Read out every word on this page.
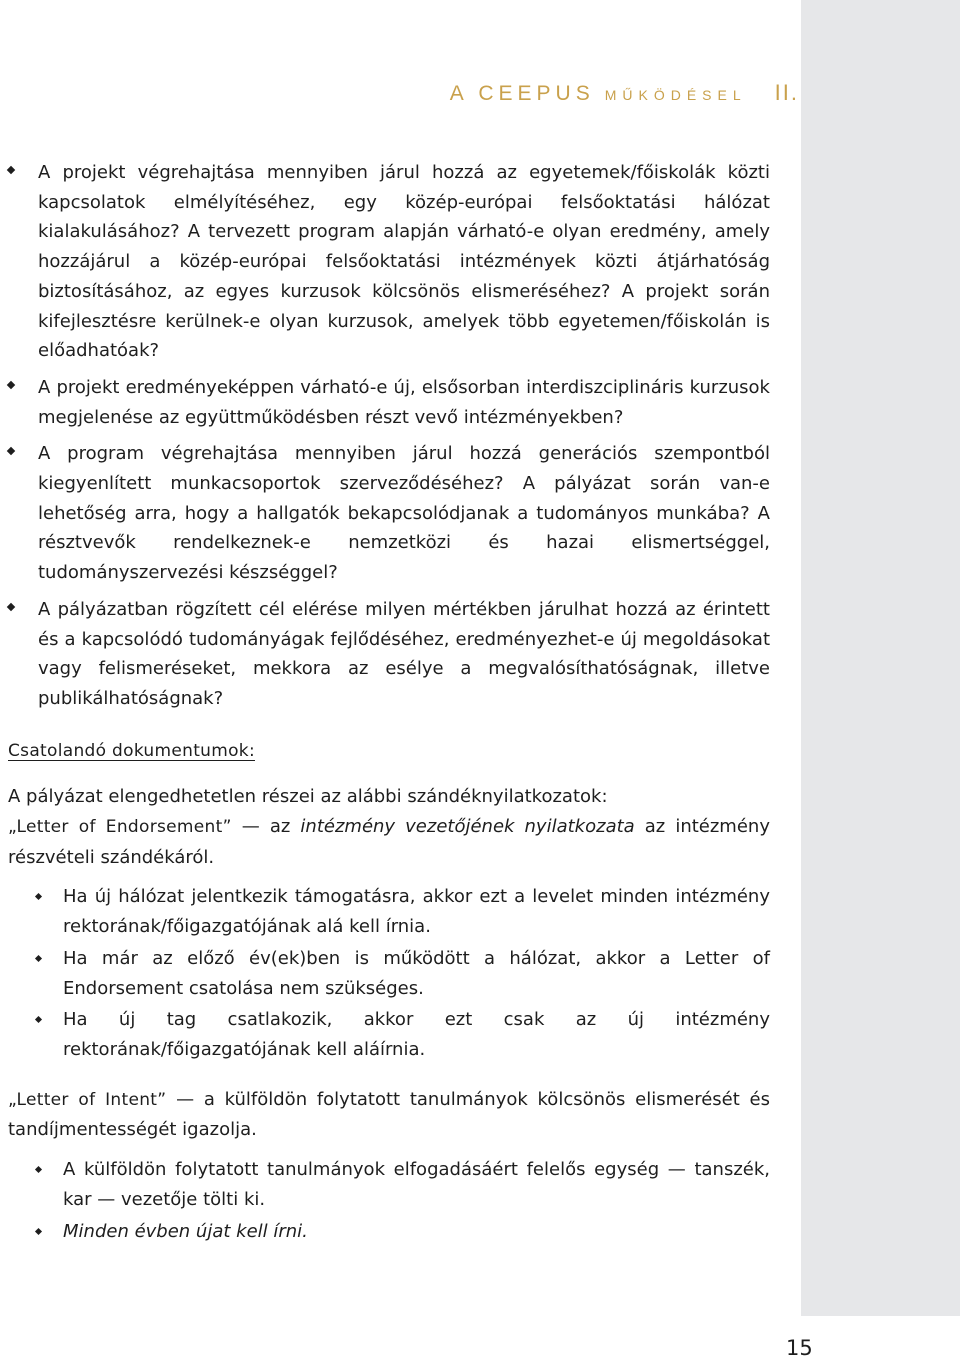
A CEEPUS MŰKÖDÉSEL II.
A projekt végrehajtása mennyiben járul hozzá az egyetemek/főiskolák közti kapcsolatok elmélyítéséhez, egy közép-európai felsőoktatási hálózat kialakulásához? A tervezett program alapján várható-e olyan eredmény, amely hozzájárul a közép-európai felsőoktatási intézmények közti átjárhatóság biztosításához, az egyes kurzusok kölcsönös elismeréséhez? A projekt során kifejlesztésre kerülnek-e olyan kurzusok, amelyek több egyetemen/főiskolán is előadhatóak?
A projekt eredményeképpen várható-e új, elsősorban interdiszciplináris kurzusok megjelenése az együttműködésben részt vevő intézményekben?
A program végrehajtása mennyiben járul hozzá generációs szempontból kiegyenlített munkacsoportok szerveződéséhez? A pályázat során van-e lehetőség arra, hogy a hallgatók bekapcsolódjanak a tudományos munkába? A résztvevők rendelkeznek-e nemzetközi és hazai elismertséggel, tudományszervezési készséggel?
A pályázatban rögzített cél elérése milyen mértékben járulhat hozzá az érintett és a kapcsolódó tudományágak fejlődéséhez, eredményezhet-e új megoldásokat vagy felismeréseket, mekkora az esélye a megvalósíthatóságnak, illetve publikálhatóságnak?
Csatolandó dokumentumok:
A pályázat elengedhetetlen részei az alábbi szándéknyilatkozatok:
„Letter of Endorsement” — az intézmény vezetőjének nyilatkozata az intézmény részvételi szándékáról.
Ha új hálózat jelentkezik támogatásra, akkor ezt a levelet minden intézmény rektorának/főigazgatójának alá kell írnia.
Ha már az előző év(ek)ben is működött a hálózat, akkor a Letter of Endorsement csatolása nem szükséges.
Ha új tag csatlakozik, akkor ezt csak az új intézmény rektorának/főigazgatójának kell aláírnia.
„Letter of Intent” — a külföldön folytatott tanulmányok kölcsönös elismerését és tandíjmentességét igazolja.
A külföldön folytatott tanulmányok elfogadásáért felelős egység — tanszék, kar — vezetője tölti ki.
Minden évben újat kell írni.
15
